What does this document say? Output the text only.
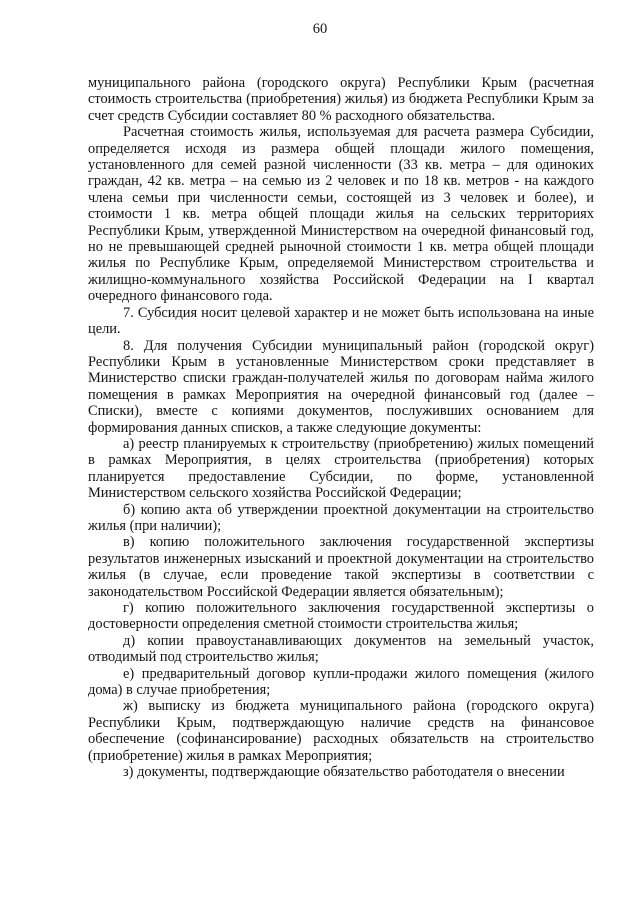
60

муниципального района (городского округа) Республики Крым (расчетная стоимость строительства (приобретения) жилья) из бюджета Республики Крым за счет средств Субсидии составляет 80 % расходного обязательства.

Расчетная стоимость жилья, используемая для расчета размера Субсидии, определяется исходя из размера общей площади жилого помещения, установленного для семей разной численности (33 кв. метра – для одиноких граждан, 42 кв. метра – на семью из 2 человек и по 18 кв. метров - на каждого члена семьи при численности семьи, состоящей из 3 человек и более), и стоимости 1 кв. метра общей площади жилья на сельских территориях Республики Крым, утвержденной Министерством на очередной финансовый год, но не превышающей средней рыночной стоимости 1 кв. метра общей площади жилья по Республике Крым, определяемой Министерством строительства и жилищно-коммунального хозяйства Российской Федерации на I квартал очередного финансового года.

7. Субсидия носит целевой характер и не может быть использована на иные цели.

8. Для получения Субсидии муниципальный район (городской округ) Республики Крым в установленные Министерством сроки представляет в Министерство списки граждан-получателей жилья по договорам найма жилого помещения в рамках Мероприятия на очередной финансовый год (далее – Списки), вместе с копиями документов, послуживших основанием для формирования данных списков, а также следующие документы:

а) реестр планируемых к строительству (приобретению) жилых помещений в рамках Мероприятия, в целях строительства (приобретения) которых планируется предоставление Субсидии, по форме, установленной Министерством сельского хозяйства Российской Федерации;

б) копию акта об утверждении проектной документации на строительство жилья (при наличии);

в) копию положительного заключения государственной экспертизы результатов инженерных изысканий и проектной документации на строительство жилья (в случае, если проведение такой экспертизы в соответствии с законодательством Российской Федерации является обязательным);

г) копию положительного заключения государственной экспертизы о достоверности определения сметной стоимости строительства жилья;

д) копии правоустанавливающих документов на земельный участок, отводимый под строительство жилья;

е) предварительный договор купли-продажи жилого помещения (жилого дома) в случае приобретения;

ж) выписку из бюджета муниципального района (городского округа) Республики Крым, подтверждающую наличие средств на финансовое обеспечение (софинансирование) расходных обязательств на строительство (приобретение) жилья в рамках Мероприятия;

з) документы, подтверждающие обязательство работодателя о внесении
